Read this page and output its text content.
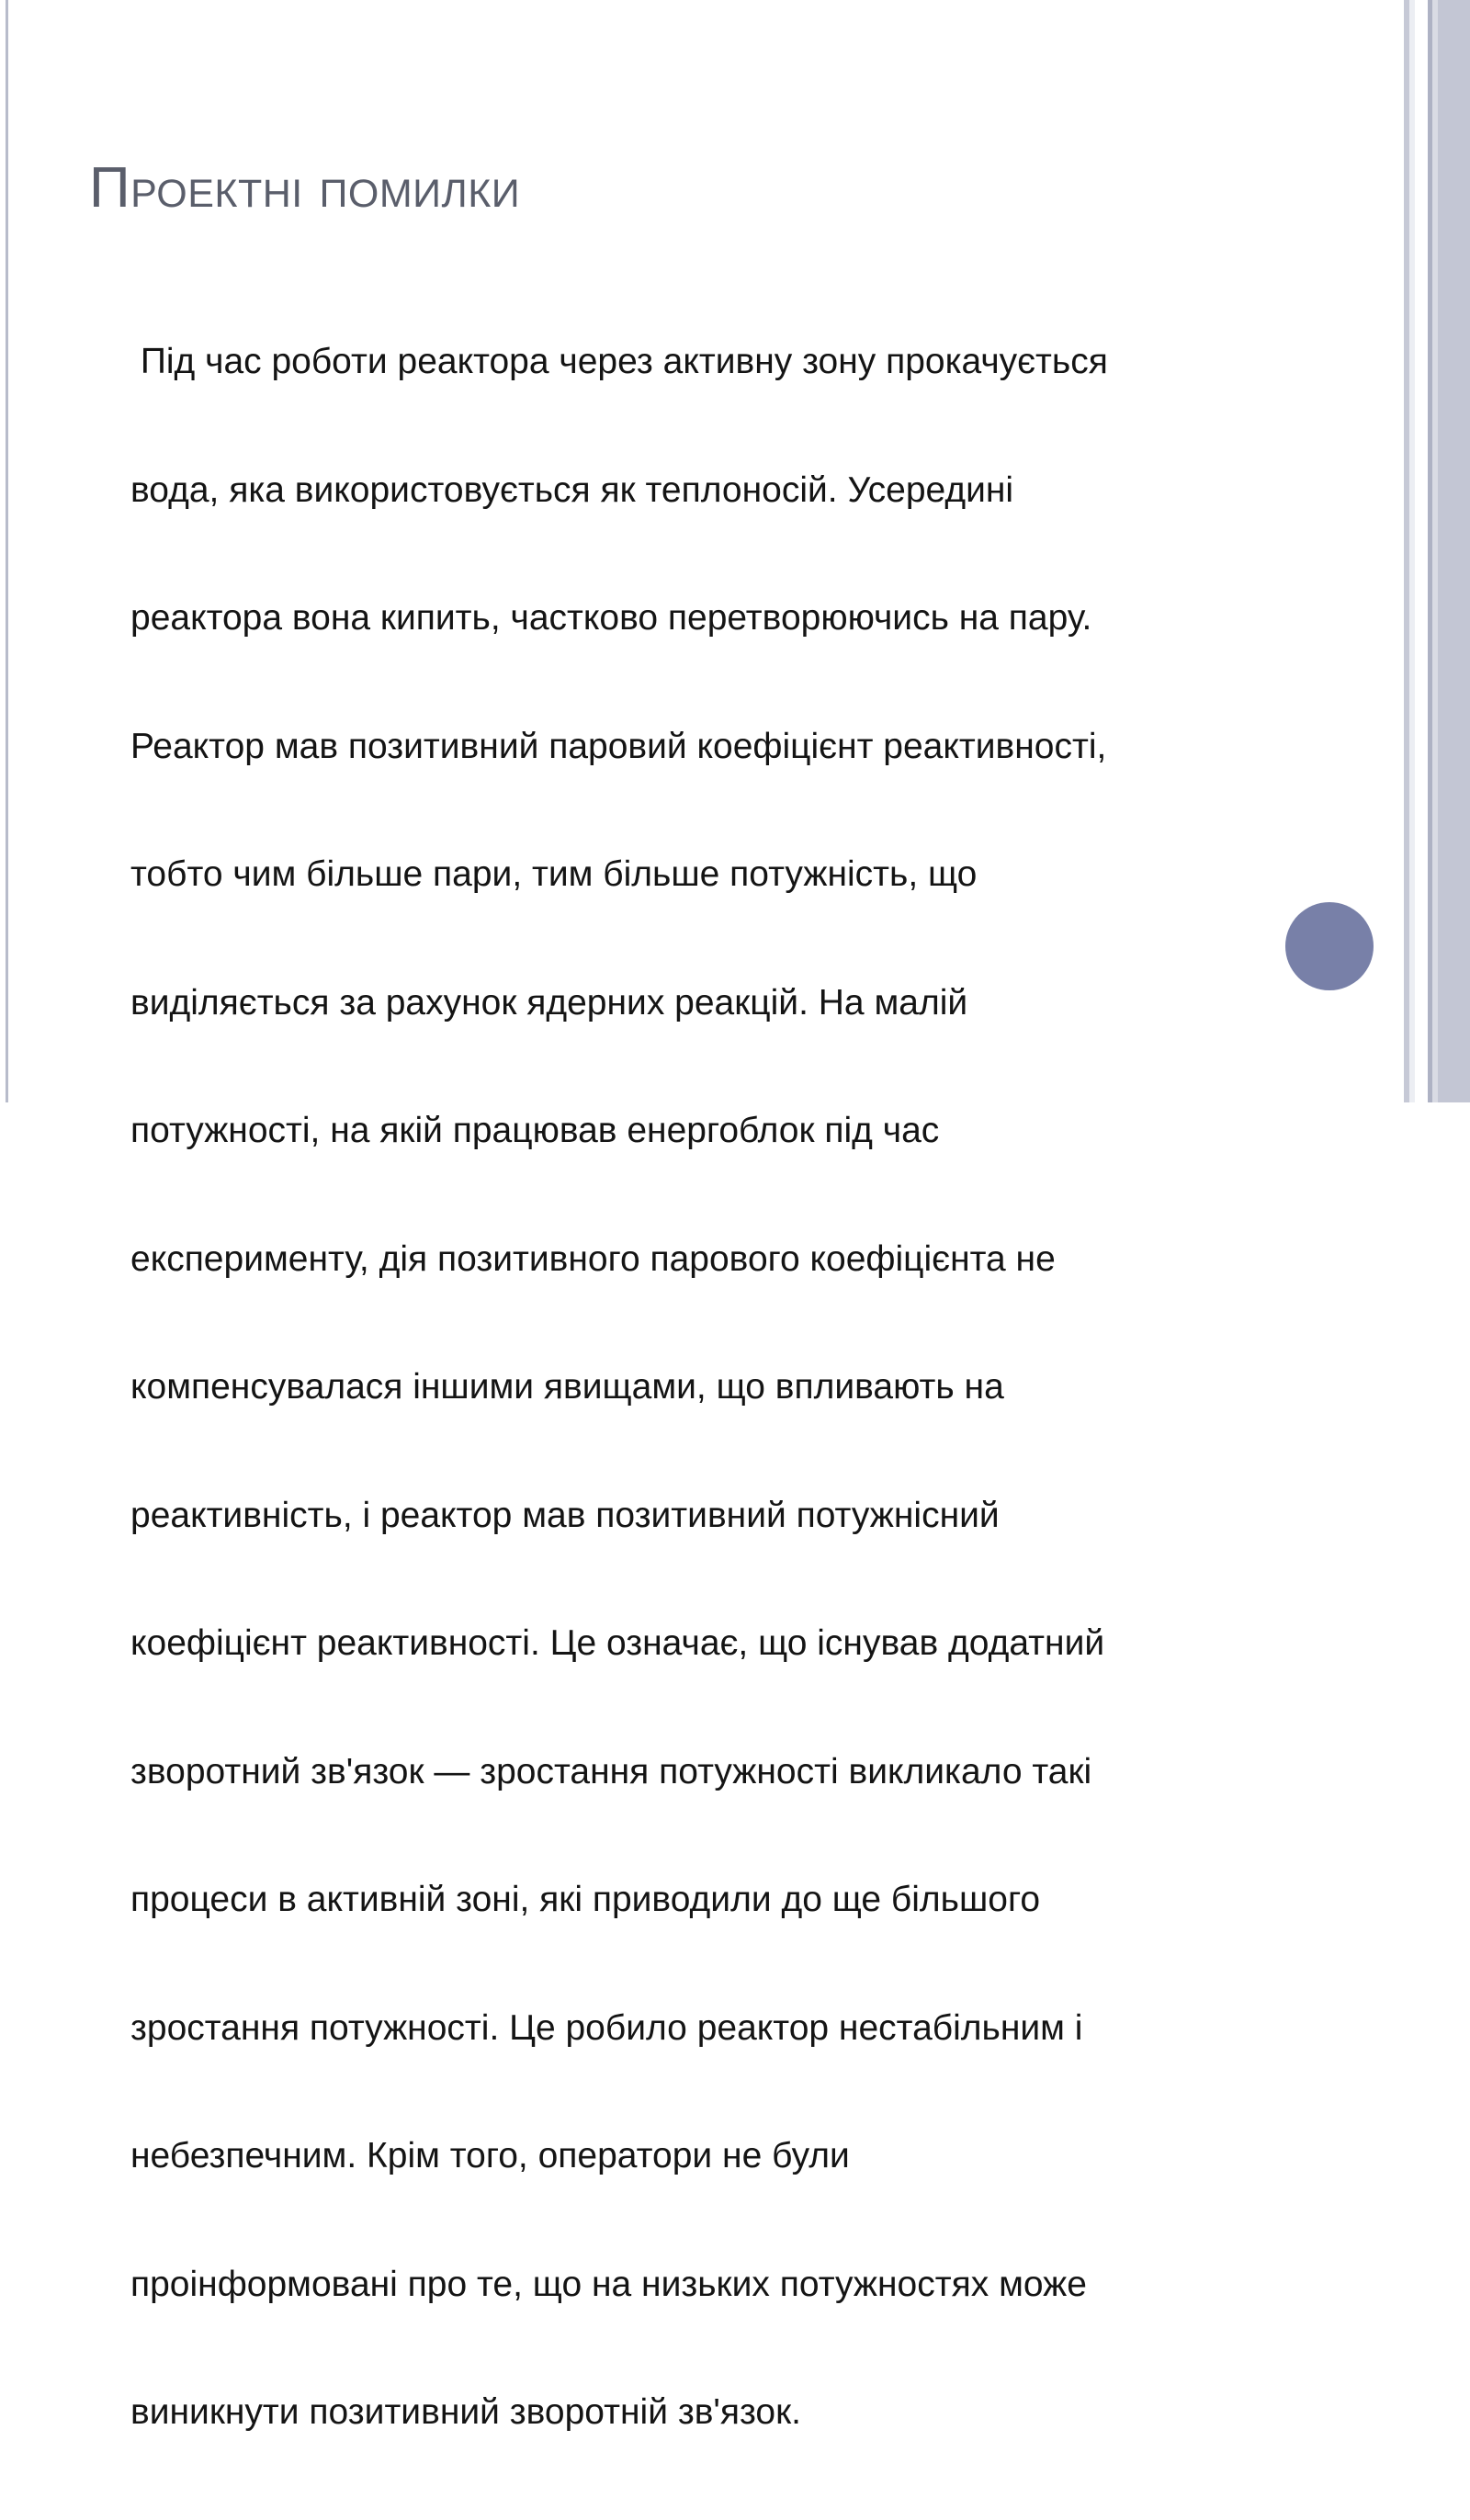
Проектні помилки

Під час роботи реактора через активну зону прокачується

вода, яка використовується як теплоносій. Усередині

реактора вона кипить, частково перетворюючись на пару.

Реактор мав позитивний паровий коефіцієнт реактивності,

тобто чим більше пари, тим більше потужність, що

виділяється за рахунок ядерних реакцій. На малій

потужності, на якій працював енергоблок під час

експерименту, дія позитивного парового коефіцієнта не

компенсувалася іншими явищами, що впливають на

реактивність, і реактор мав позитивний потужнісний

коефіцієнт реактивності. Це означає, що існував додатний

зворотний зв'язок — зростання потужності викликало такі

процеси в активній зоні, які приводили до ще більшого

зростання потужності. Це робило реактор нестабільним і

небезпечним. Крім того, оператори не були

проінформовані про те, що на низьких потужностях може

виникнути позитивний зворотній зв'язок.
